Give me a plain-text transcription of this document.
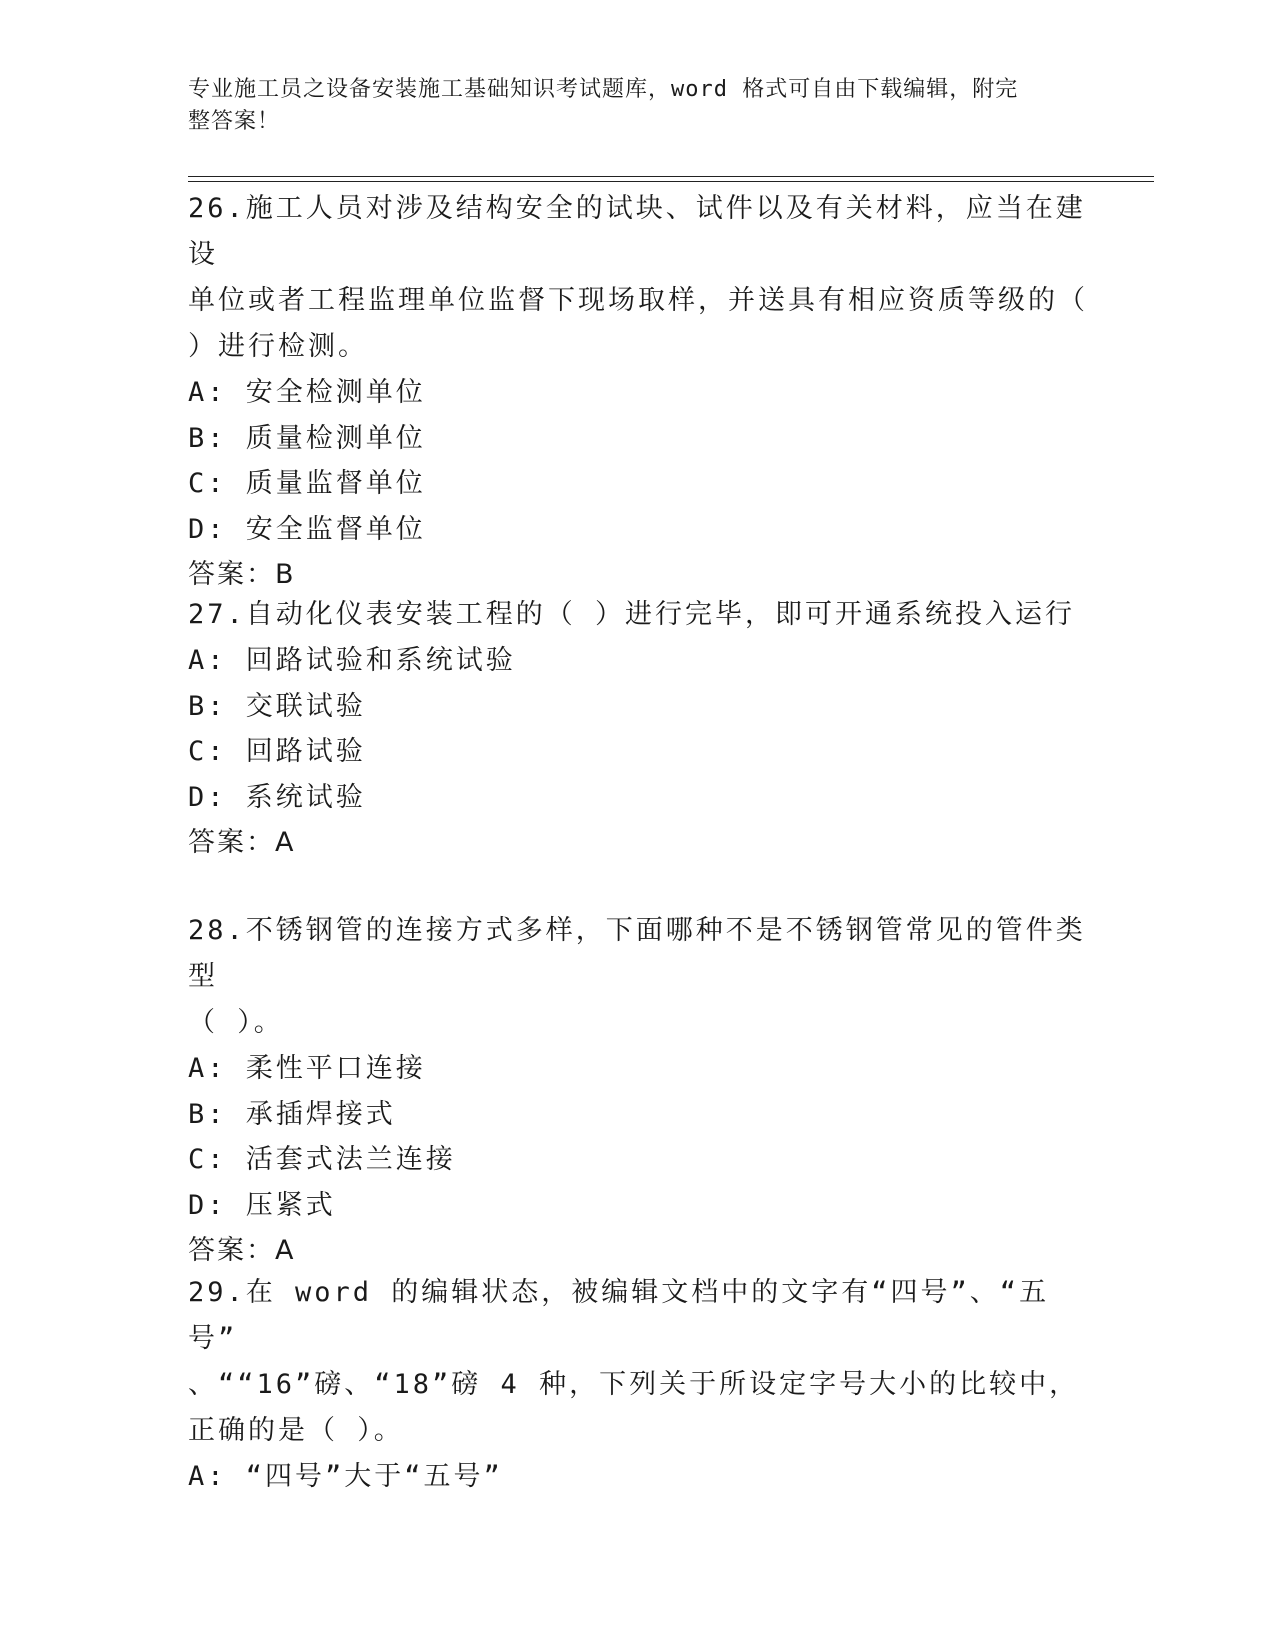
专业施工员之设备安装施工基础知识考试题库，word 格式可自由下载编辑，附完
整答案！

26.施工人员对涉及结构安全的试块、试件以及有关材料，应当在建设

单位或者工程监理单位监督下现场取样，并送具有相应资质等级的（

）进行检测。

A: 安全检测单位

B: 质量检测单位

C: 质量监督单位

D: 安全监督单位

答案：B

27.自动化仪表安装工程的（ ）进行完毕，即可开通系统投入运行

A: 回路试验和系统试验

B: 交联试验

C: 回路试验

D: 系统试验

答案：A

28.不锈钢管的连接方式多样，下面哪种不是不锈钢管常见的管件类型

（ ）。

A: 柔性平口连接

B: 承插焊接式

C: 活套式法兰连接

D: 压紧式

答案：A

29.在 word 的编辑状态，被编辑文档中的文字有“四号”、“五号”

、““16”磅、“18”磅 4 种，下列关于所设定字号大小的比较中，

正确的是（ ）。

A: “四号”大于“五号”
